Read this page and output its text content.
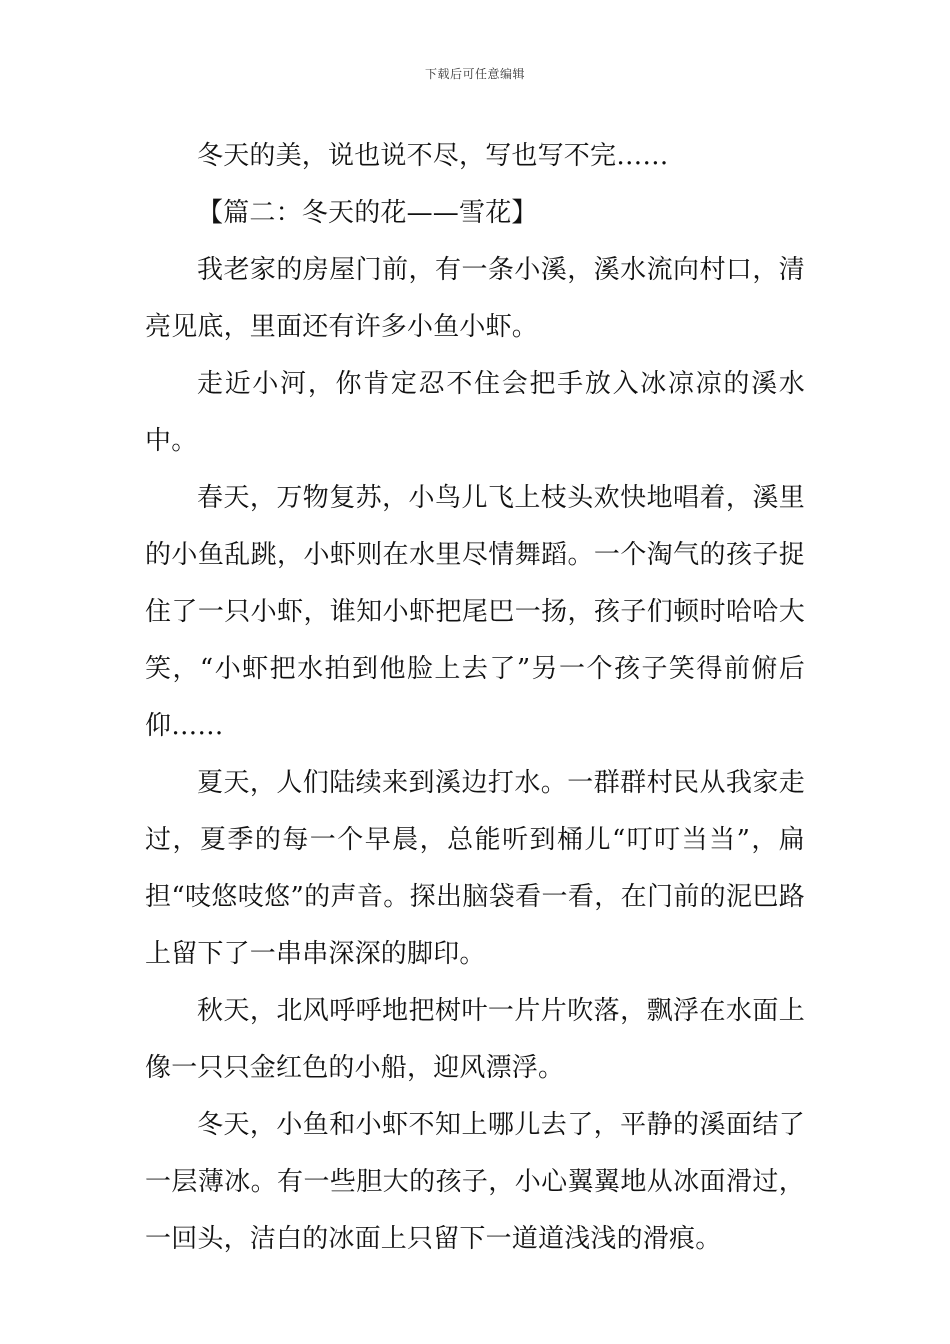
下载后可任意编辑

冬天的美，说也说不尽，写也写不完……

【篇二：冬天的花——雪花】

我老家的房屋门前，有一条小溪，溪水流向村口，清亮见底，里面还有许多小鱼小虾。

走近小河，你肯定忍不住会把手放入冰凉凉的溪水中。

春天，万物复苏，小鸟儿飞上枝头欢快地唱着，溪里的小鱼乱跳，小虾则在水里尽情舞蹈。一个淘气的孩子捉住了一只小虾，谁知小虾把尾巴一扬，孩子们顿时哈哈大笑，“小虾把水拍到他脸上去了”另一个孩子笑得前俯后仰……

夏天，人们陆续来到溪边打水。一群群村民从我家走过，夏季的每一个早晨，总能听到桶儿“叮叮当当”，扁担“吱悠吱悠”的声音。探出脑袋看一看，在门前的泥巴路上留下了一串串深深的脚印。

秋天，北风呼呼地把树叶一片片吹落，飘浮在水面上像一只只金红色的小船，迎风漂浮。

冬天，小鱼和小虾不知上哪儿去了，平静的溪面结了一层薄冰。有一些胆大的孩子，小心翼翼地从冰面滑过，一回头，洁白的冰面上只留下一道道浅浅的滑痕。
